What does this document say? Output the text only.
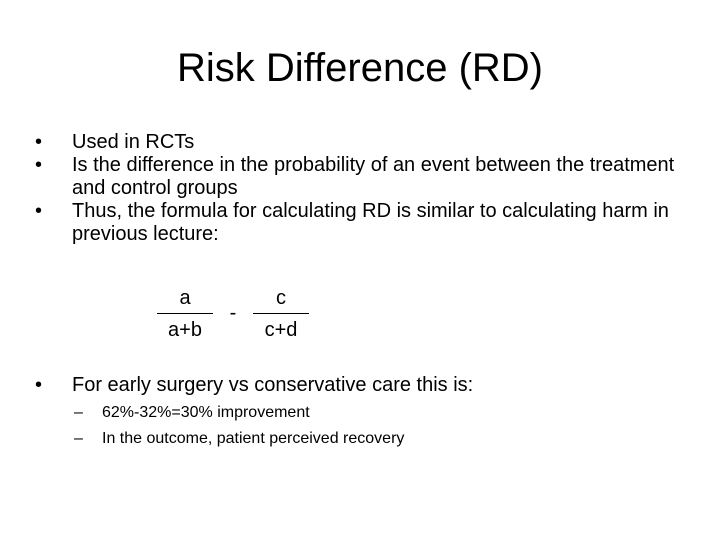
Risk Difference (RD)
•	Used in RCTs
•	Is the difference in the probability of an event between the treatment and control groups
•	Thus, the formula for calculating RD is similar to calculating harm in previous lecture:
a
a+b
-
c
c+d
•	For early surgery vs conservative care this is:
–	62%-32%=30% improvement
–	In the outcome, patient perceived recovery
